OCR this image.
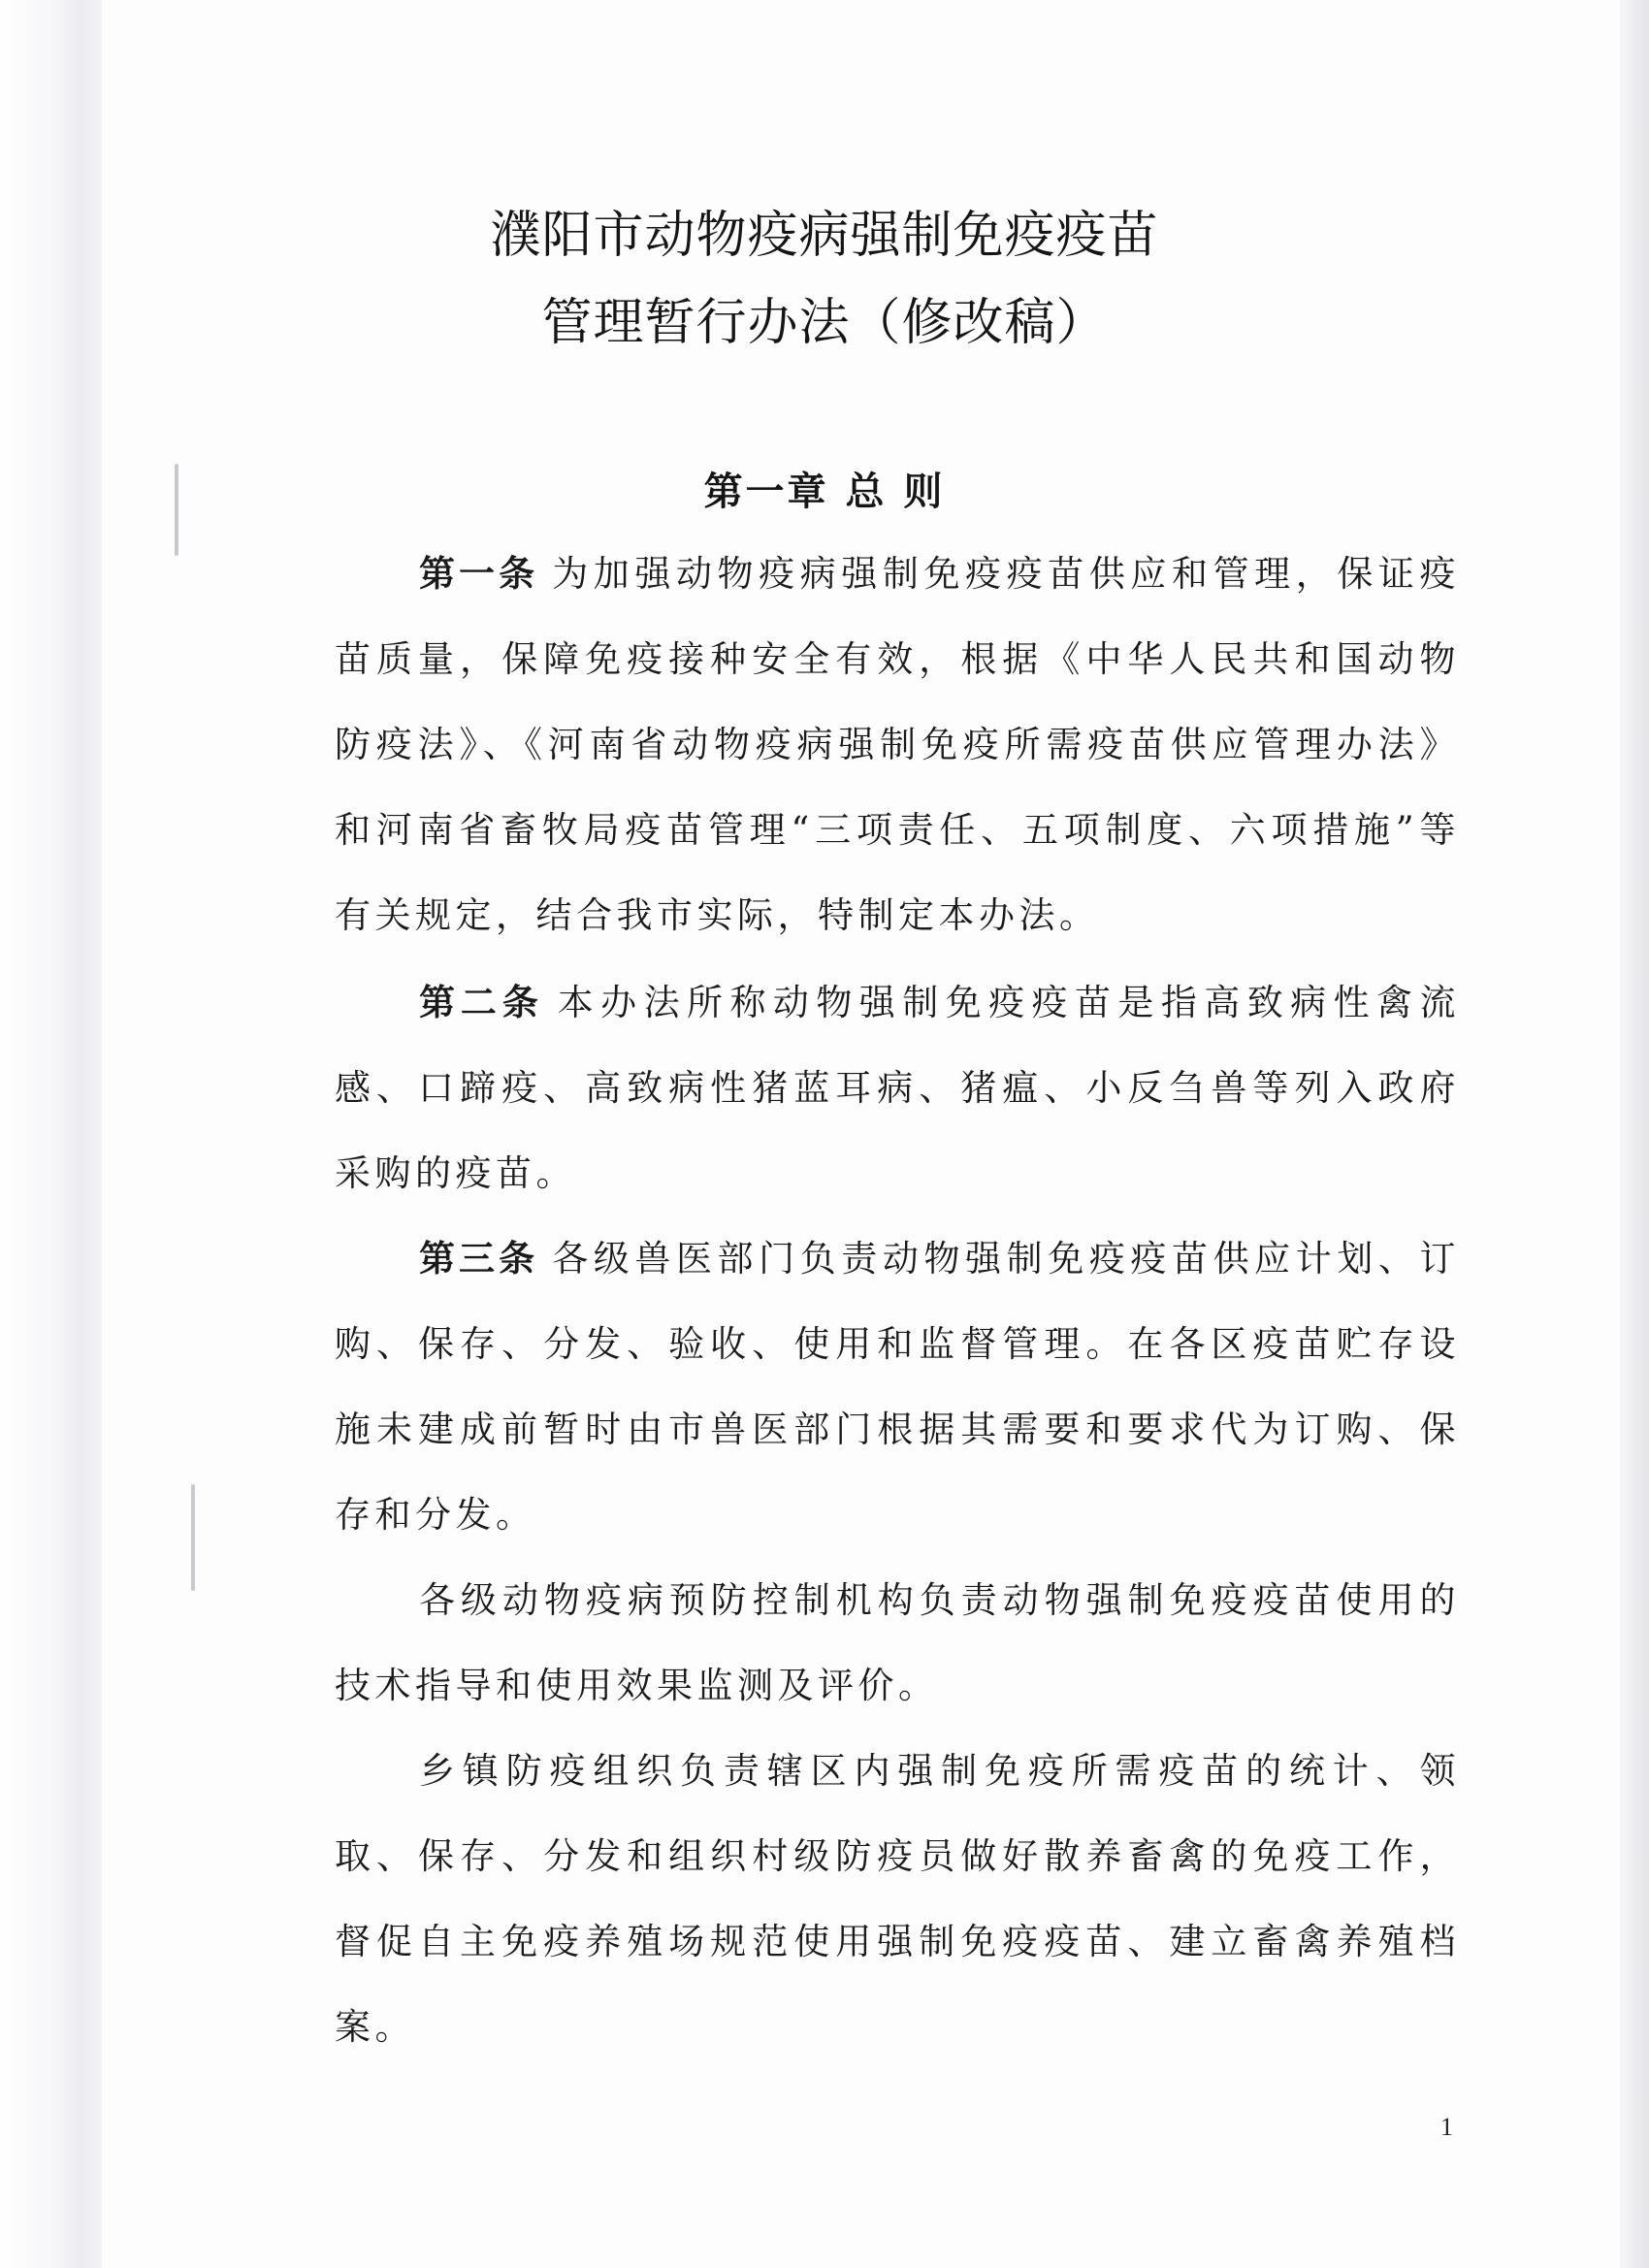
濮阳市动物疫病强制免疫疫苗
管理暂行办法（修改稿）
第一章 总 则

第一条 为加强动物疫病强制免疫疫苗供应和管理，保证疫苗质量，保障免疫接种安全有效，根据《中华人民共和国动物防疫法》、《河南省动物疫病强制免疫所需疫苗供应管理办法》和河南省畜牧局疫苗管理“三项责任、五项制度、六项措施”等有关规定，结合我市实际，特制定本办法。

第二条 本办法所称动物强制免疫疫苗是指高致病性禽流感、口蹄疫、高致病性猪蓝耳病、猪瘟、小反刍兽等列入政府采购的疫苗。

第三条 各级兽医部门负责动物强制免疫疫苗供应计划、订购、保存、分发、验收、使用和监督管理。在各区疫苗贮存设施未建成前暂时由市兽医部门根据其需要和要求代为订购、保存和分发。

各级动物疫病预防控制机构负责动物强制免疫疫苗使用的技术指导和使用效果监测及评价。

乡镇防疫组织负责辖区内强制免疫所需疫苗的统计、领取、保存、分发和组织村级防疫员做好散养畜禽的免疫工作，督促自主免疫养殖场规范使用强制免疫疫苗、建立畜禽养殖档案。

1
